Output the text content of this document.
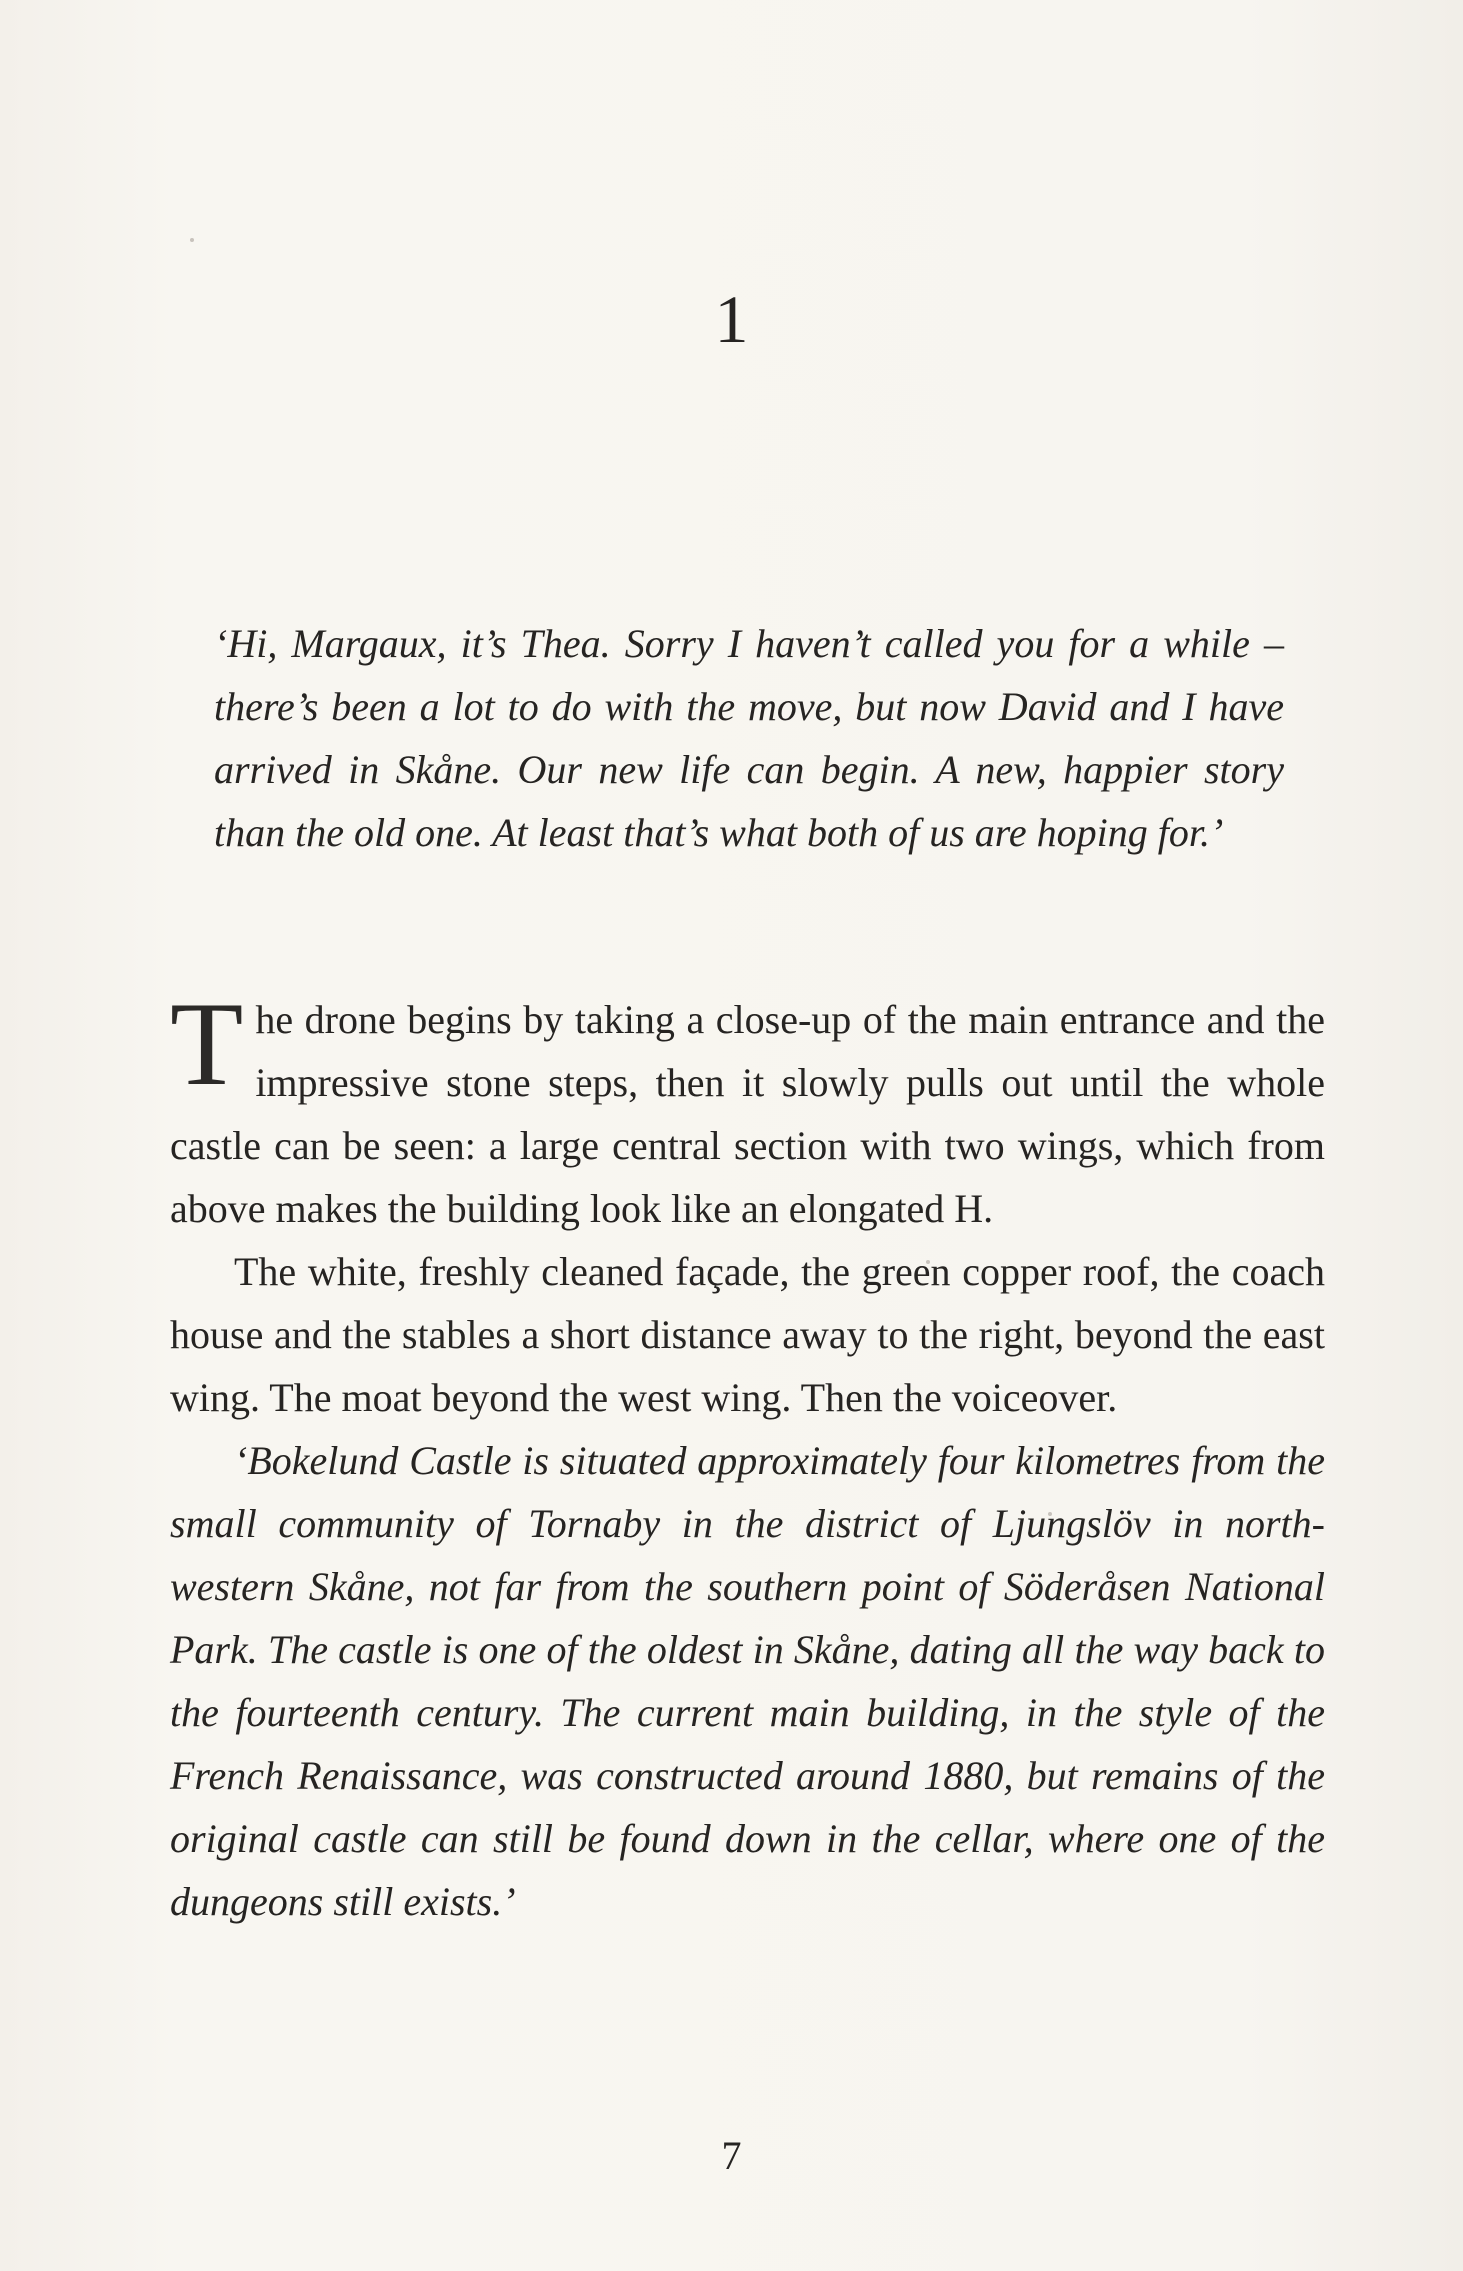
1
‘Hi, Margaux, it’s Thea. Sorry I haven’t called you for a while – there’s been a lot to do with the move, but now David and I have arrived in Skåne. Our new life can begin. A new, happier story than the old one. At least that’s what both of us are hoping for.’

T he drone begins by taking a close-up of the main entrance and the impressive stone steps, then it slowly pulls out until the whole castle can be seen: a large central section with two wings, which from above makes the building look like an elongated H.

The white, freshly cleaned façade, the green copper roof, the coach house and the stables a short distance away to the right, beyond the east wing. The moat beyond the west wing. Then the voiceover.

‘Bokelund Castle is situated approximately four kilometres from the small community of Tornaby in the district of Ljungslöv in north-western Skåne, not far from the southern point of Söderåsen National Park. The castle is one of the oldest in Skåne, dating all the way back to the fourteenth century. The current main building, in the style of the French Renaissance, was constructed around 1880, but remains of the original castle can still be found down in the cellar, where one of the dungeons still exists.’

7
